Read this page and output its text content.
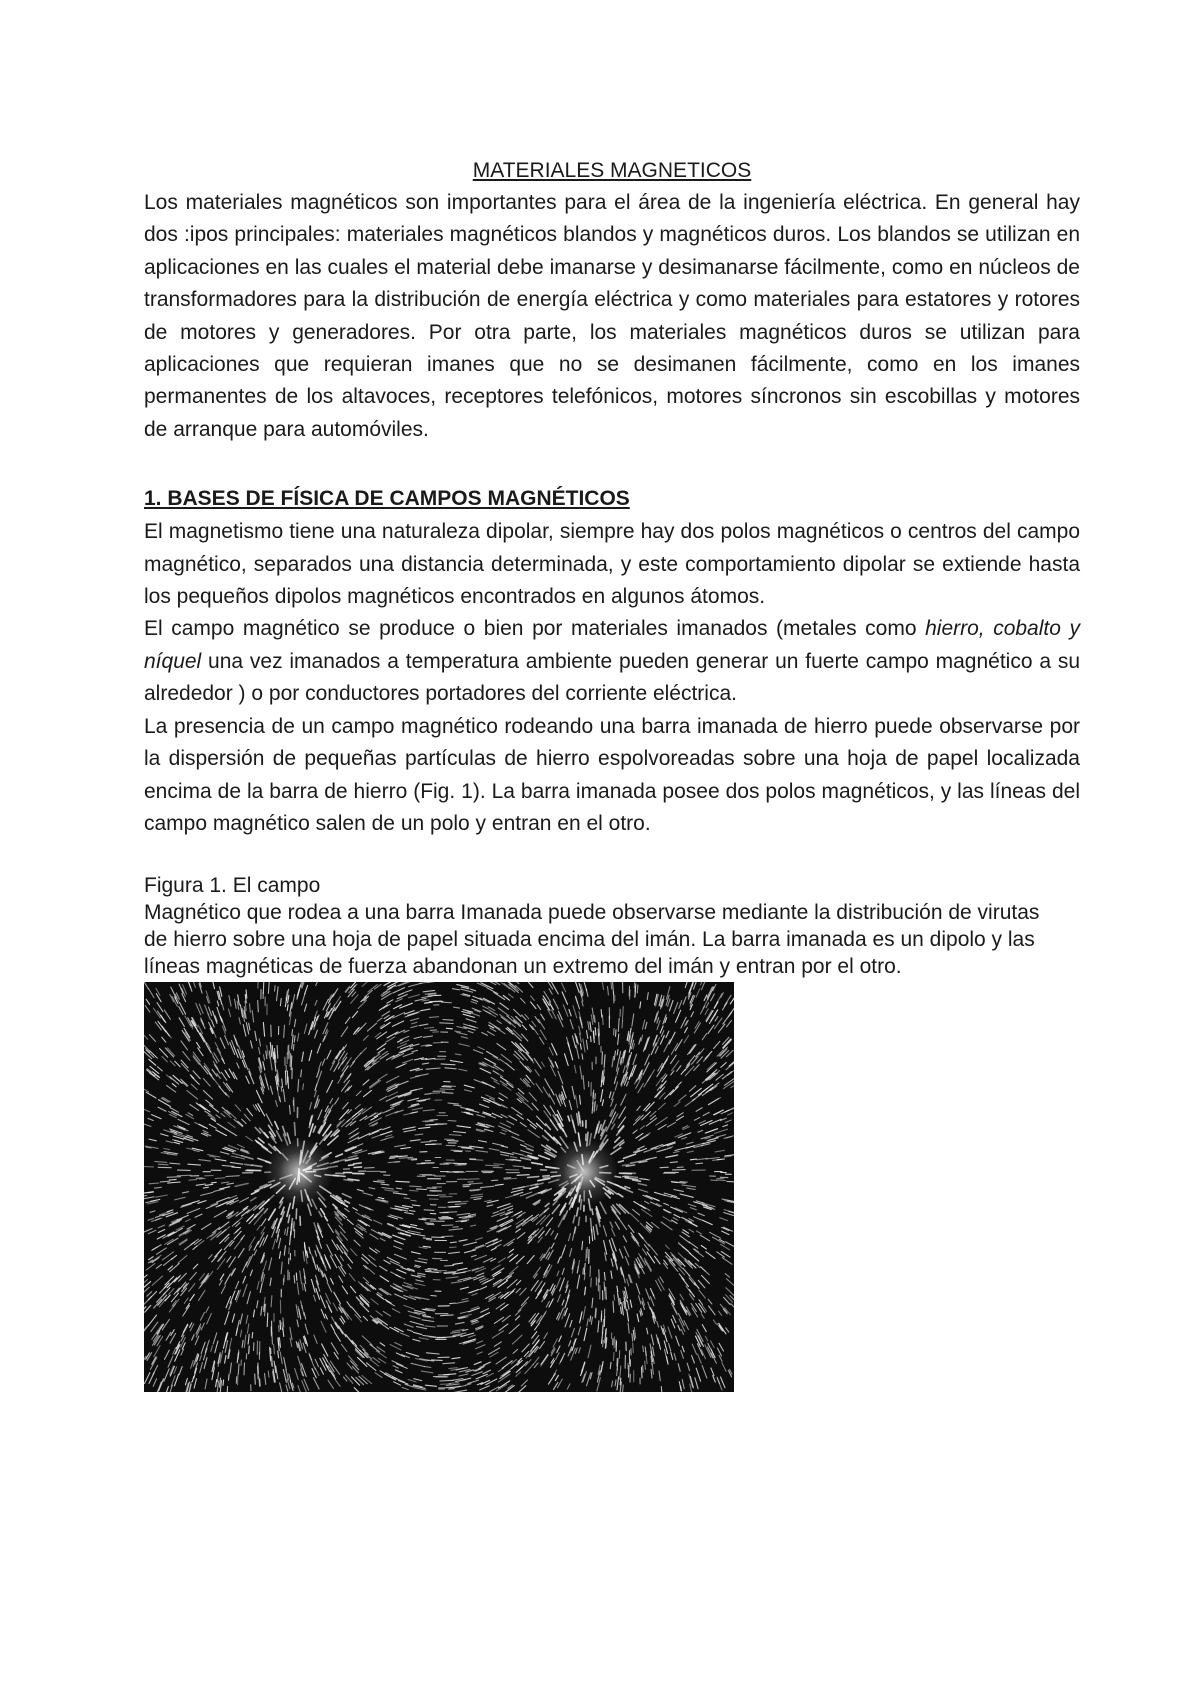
MATERIALES MAGNETICOS

Los materiales magnéticos son importantes para el área de la ingeniería eléctrica. En general hay dos :ipos principales: materiales magnéticos blandos y magnéticos duros. Los blandos se utilizan en aplicaciones en las cuales el material debe imanarse y desimanarse fácilmente, como en núcleos de transformadores para la distribución de energía eléctrica y como materiales para estatores y rotores de motores y generadores. Por otra parte, los materiales magnéticos duros se utilizan para aplicaciones que requieran imanes que no se desimanen fácilmente, como en los imanes permanentes de los altavoces, receptores telefónicos, motores síncronos sin escobillas y motores de arranque para automóviles.

1. BASES DE FÍSICA DE CAMPOS MAGNÉTICOS

El magnetismo tiene una naturaleza dipolar, siempre hay dos polos magnéticos o centros del campo magnético, separados una distancia determinada, y este comportamiento dipolar se extiende hasta los pequeños dipolos magnéticos encontrados en algunos átomos.

El campo magnético se produce o bien por materiales imanados (metales como hierro, cobalto y níquel una vez imanados a temperatura ambiente pueden generar un fuerte campo magnético a su alrededor ) o por conductores portadores del corriente eléctrica.

La presencia de un campo magnético rodeando una barra imanada de hierro puede observarse por la dispersión de pequeñas partículas de hierro espolvoreadas sobre una hoja de papel localizada encima de la barra de hierro (Fig. 1). La barra imanada posee dos polos magnéticos, y las líneas del campo magnético salen de un polo y entran en el otro.

Figura 1. El campo

Magnético que rodea a una barra Imanada puede observarse mediante la distribución de virutas de hierro sobre una hoja de papel situada encima del imán. La barra imanada es un dipolo y las líneas magnéticas de fuerza abandonan un extremo del imán y entran por el otro.
